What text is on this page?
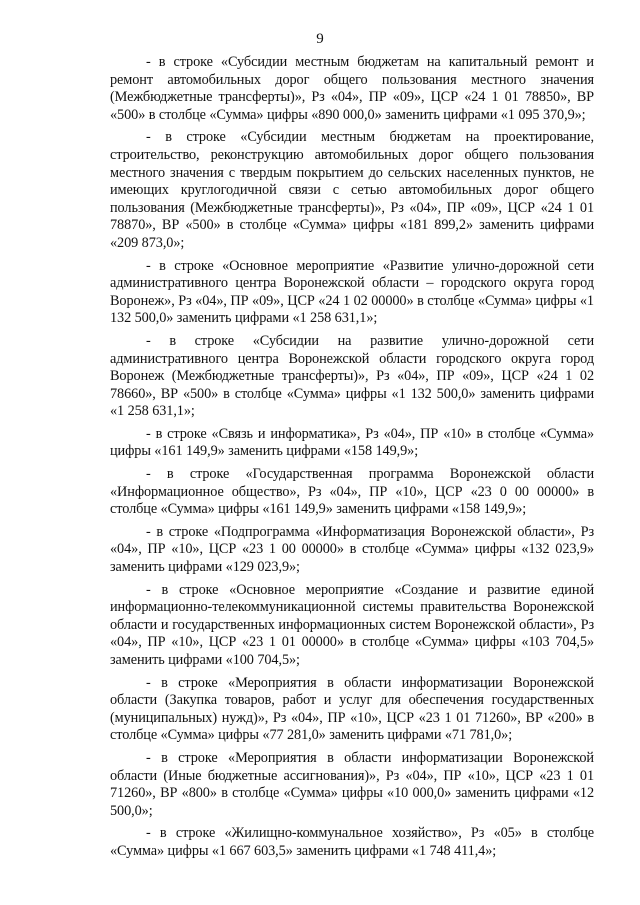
9

- в строке «Субсидии местным бюджетам на капитальный ремонт и ремонт автомобильных дорог общего пользования местного значения (Межбюджетные трансферты)», Рз «04», ПР «09», ЦСР «24 1 01 78850», ВР «500» в столбце «Сумма» цифры «890 000,0» заменить цифрами «1 095 370,9»;

- в строке «Субсидии местным бюджетам на проектирование, строительство, реконструкцию автомобильных дорог общего пользования местного значения с твердым покрытием до сельских населенных пунктов, не имеющих круглогодичной связи с сетью автомобильных дорог общего пользования (Межбюджетные трансферты)», Рз «04», ПР «09», ЦСР «24 1 01 78870», ВР «500» в столбце «Сумма» цифры «181 899,2» заменить цифрами «209 873,0»;

- в строке «Основное мероприятие «Развитие улично-дорожной сети административного центра Воронежской области – городского округа город Воронеж», Рз «04», ПР «09», ЦСР «24 1 02 00000» в столбце «Сумма» цифры «1 132 500,0» заменить цифрами «1 258 631,1»;

- в строке «Субсидии на развитие улично-дорожной сети административного центра Воронежской области городского округа город Воронеж (Межбюджетные трансферты)», Рз «04», ПР «09», ЦСР «24 1 02 78660», ВР «500» в столбце «Сумма» цифры «1 132 500,0» заменить цифрами «1 258 631,1»;

- в строке «Связь и информатика», Рз «04», ПР «10» в столбце «Сумма» цифры «161 149,9» заменить цифрами «158 149,9»;

- в строке «Государственная программа Воронежской области «Информационное общество», Рз «04», ПР «10», ЦСР «23 0 00 00000» в столбце «Сумма» цифры «161 149,9» заменить цифрами «158 149,9»;

- в строке «Подпрограмма «Информатизация Воронежской области», Рз «04», ПР «10», ЦСР «23 1 00 00000» в столбце «Сумма» цифры «132 023,9» заменить цифрами «129 023,9»;

- в строке «Основное мероприятие «Создание и развитие единой информационно-телекоммуникационной системы правительства Воронежской области и государственных информационных систем Воронежской области», Рз «04», ПР «10», ЦСР «23 1 01 00000» в столбце «Сумма» цифры «103 704,5» заменить цифрами «100 704,5»;

- в строке «Мероприятия в области информатизации Воронежской области (Закупка товаров, работ и услуг для обеспечения государственных (муниципальных) нужд)», Рз «04», ПР «10», ЦСР «23 1 01 71260», ВР «200» в столбце «Сумма» цифры «77 281,0» заменить цифрами «71 781,0»;

- в строке «Мероприятия в области информатизации Воронежской области (Иные бюджетные ассигнования)», Рз «04», ПР «10», ЦСР «23 1 01 71260», ВР «800» в столбце «Сумма» цифры «10 000,0» заменить цифрами «12 500,0»;

- в строке «Жилищно-коммунальное хозяйство», Рз «05» в столбце «Сумма» цифры «1 667 603,5» заменить цифрами «1 748 411,4»;
